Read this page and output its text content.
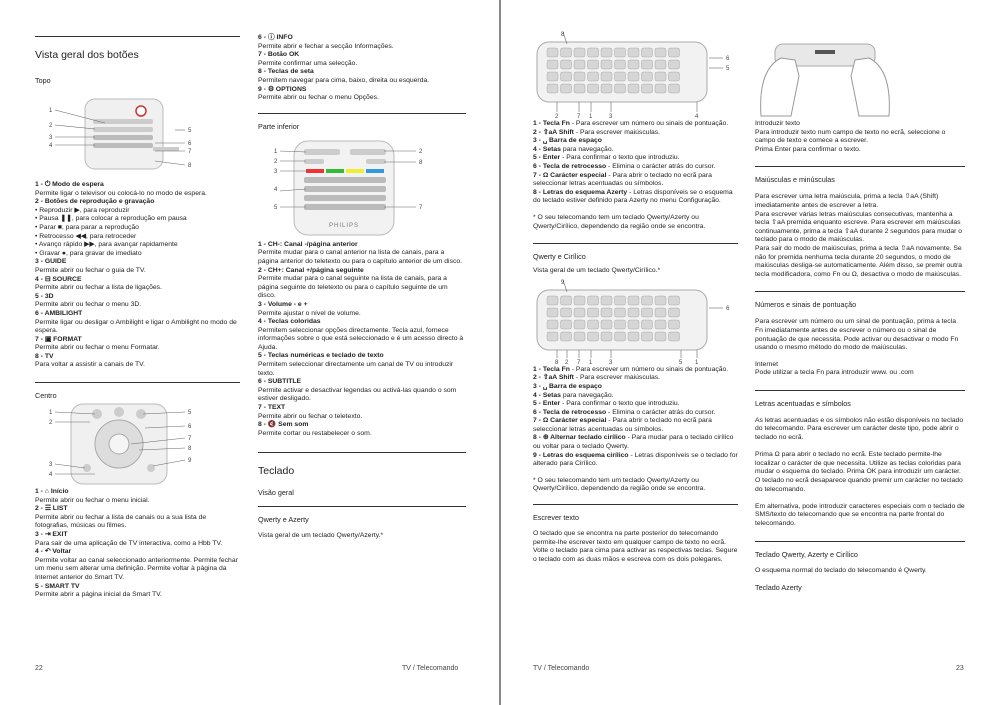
Vista geral dos botões
Topo
1
2
3
4
5
6
7
8
1 - ⏻ Modo de espera
Permite ligar o televisor ou colocá-lo no modo de espera.
2 - Botões de reprodução e gravação
• Reproduzir ▶, para reproduzir
• Pausa ❚❚, para colocar a reprodução em pausa
• Parar ■, para parar a reprodução
• Retrocesso ◀◀, para retroceder
• Avanço rápido ▶▶, para avançar rapidamente
• Gravar ●, para gravar de imediato
3 - GUIDE
Permite abrir ou fechar o guia de TV.
4 - ⊟ SOURCE
Permite abrir ou fechar a lista de ligações.
5 - 3D
Permite abrir ou fechar o menu 3D.
6 - AMBILIGHT
Permite ligar ou desligar o Ambilight e ligar o Ambilight no modo de espera.
7 - ▣ FORMAT
Permite abrir ou fechar o menu Formatar.
8 - TV
Para voltar a assistir a canais de TV.
Centro
1
2
3
4
5
6
7
8
9
1 - ⌂ Início
Permite abrir ou fechar o menu inicial.
2 - ☰ LIST
Permite abrir ou fechar a lista de canais ou a sua lista de fotografias, músicas ou filmes.
3 - ⇥ EXIT
Para sair de uma aplicação de TV interactiva, como a Hbb TV.
4 - ↶ Voltar
Permite voltar ao canal seleccionado anteriormente. Permite fechar um menu sem alterar uma definição. Permite voltar à página da Internet anterior do Smart TV.
5 - SMART TV
Permite abrir a página inicial da Smart TV.
6 - ⓘ INFO
Permite abrir e fechar a secção Informações.
7 - Botão OK
Permite confirmar uma selecção.
8 - Teclas de seta
Permitem navegar para cima, baixo, direita ou esquerda.
9 - ⚙ OPTIONS
Permite abrir ou fechar o menu Opções.
Parte inferior
PHILIPS
1
2
3
4
5
2
8
7
1 - CH-: Canal -/página anterior
Permite mudar para o canal anterior na lista de canais, para a página anterior do teletexto ou para o capítulo anterior de um disco.
2 - CH+: Canal +/página seguinte
Permite mudar para o canal seguinte na lista de canais, para a página seguinte do teletexto ou para o capítulo seguinte de um disco.
3 - Volume - e +
Permite ajustar o nível de volume.
4 - Teclas coloridas
Permitem seleccionar opções directamente. Tecla azul, fornece informações sobre o que está seleccionado e é um acesso directo à Ajuda.
5 - Teclas numéricas e teclado de texto
Permitem seleccionar directamente um canal de TV ou introduzir texto.
6 - SUBTITLE
Permite activar e desactivar legendas ou activá-las quando o som estiver desligado.
7 - TEXT
Permite abrir ou fechar o teletexto.
8 - 🔇 Sem som
Permite cortar ou restabelecer o som.
Teclado
Visão geral
Qwerty e Azerty

Vista geral de um teclado Qwerty/Azerty.*

22	TV / Telecomando
8
6
5
2	7 1	3	4
1 - Tecla Fn - Para escrever um número ou sinais de pontuação.
2 - ⇧aA Shift - Para escrever maiúsculas.
3 - ␣ Barra de espaço
4 - Setas para navegação.
5 - Enter - Para confirmar o texto que introduziu.
6 - Tecla de retrocesso - Elimina o carácter atrás do cursor.
7 - Ω Carácter especial - Para abrir o teclado no ecrã para seleccionar letras acentuadas ou símbolos.
8 - Letras do esquema Azerty - Letras disponíveis se o esquema do teclado estiver definido para Azerty no menu Configuração.

* O seu telecomando tem um teclado Qwerty/Azerty ou Qwerty/Cirílico, dependendo da região onde se encontra.

Qwerty e Cirílico

Vista geral de um teclado Qwerty/Cirílico.*

9
6
8 2 7 1	3	5 1
1 - Tecla Fn - Para escrever um número ou sinais de pontuação.
2 - ⇧aA Shift - Para escrever maiúsculas.
3 - ␣ Barra de espaço
4 - Setas para navegação.
5 - Enter - Para confirmar o texto que introduziu.
6 - Tecla de retrocesso - Elimina o carácter atrás do cursor.
7 - Ω Carácter especial - Para abrir o teclado no ecrã para seleccionar letras acentuadas ou símbolos.
8 - ⊕ Alternar teclado cirílico - Para mudar para o teclado cirílico ou voltar para o teclado Qwerty.
9 - Letras do esquema cirílico - Letras disponíveis se o teclado for alterado para Cirílico.

* O seu telecomando tem um teclado Qwerty/Azerty ou Qwerty/Cirílico, dependendo da região onde se encontra.

Escrever texto

O teclado que se encontra na parte posterior do telecomando permite-lhe escrever texto em qualquer campo de texto no ecrã. Volte o teclado para cima para activar as respectivas teclas. Segure o teclado com as duas mãos e escreva com os dois polegares.

Introduzir texto

Para introduzir texto num campo de texto no ecrã, seleccione o campo de texto e comece a escrever.

Prima Enter para confirmar o texto.

Maiúsculas e minúsculas

Para escrever uma letra maiúscula, prima a tecla ⇧aA (Shift) imediatamente antes de escrever a letra.
Para escrever várias letras maiúsculas consecutivas, mantenha a tecla ⇧aA premida enquanto escreve. Para escrever em maiúsculas continuamente, prima a tecla ⇧aA durante 2 segundos para mudar o teclado para o modo de maiúsculas.
Para sair do modo de maiúsculas, prima a tecla ⇧aA novamente. Se não for premida nenhuma tecla durante 20 segundos, o modo de maiúsculas desliga-se automaticamente. Além disso, se premir outra tecla modificadora, como Fn ou Ω, desactiva o modo de maiúsculas.

Números e sinais de pontuação

Para escrever um número ou um sinal de pontuação, prima a tecla Fn imediatamente antes de escrever o número ou o sinal de pontuação de que necessita. Pode activar ou desactivar o modo Fn usando o mesmo método do modo de maiúsculas.

Internet

Pode utilizar a tecla Fn para introduzir www. ou .com

Letras acentuadas e símbolos

As letras acentuadas e os símbolos não estão disponíveis no teclado do telecomando. Para escrever um carácter deste tipo, pode abrir o teclado no ecrã.

Prima Ω para abrir o teclado no ecrã. Este teclado permite-lhe localizar o carácter de que necessita. Utilize as teclas coloridas para mudar o esquema do teclado. Prima OK para introduzir um carácter. O teclado no ecrã desaparece quando premir um carácter no teclado do telecomando.

Em alternativa, pode introduzir caracteres especiais com o teclado de SMS/texto do telecomando que se encontra na parte frontal do telecomando.

Teclado Qwerty, Azerty e Cirílico

O esquema normal do teclado do telecomando é Qwerty.

Teclado Azerty
TV / Telecomando	23
